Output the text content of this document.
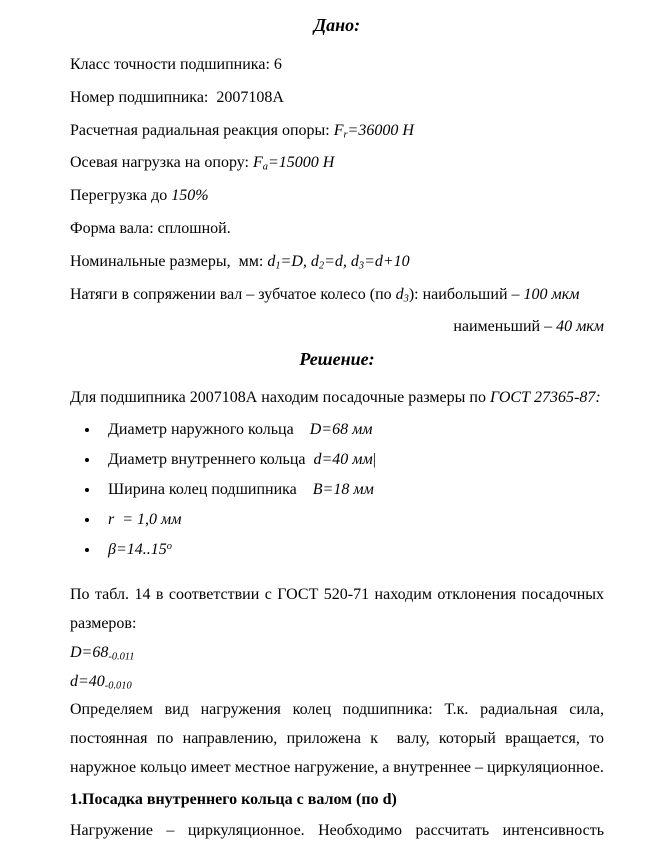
Дано:

Класс точности подшипника: 6

Номер подшипника:  2007108А

Расчетная радиальная реакция опоры: $F_r=36000$ Н

Осевая нагрузка на опору: $F_a=15000$ Н

Перегрузка до 150%

Форма вала: сплошной.

Номинальные размеры,  мм: $d_1=D$, $d_2=d$, $d_3=d+10$

Натяги в сопряжении вал – зубчатое колесо (по $d_3$): наибольший – 100 мкм

наименьший – 40 мкм

Решение:

Для подшипника 2007108А находим посадочные размеры по ГОСТ 27365-87:

• Диаметр наружного кольца    D=68 мм
• Диаметр внутреннего кольца  d=40 мм|
• Ширина колец подшипника    B=18 мм
• r  = 1,0 мм
• $\beta=14..15^о$

По табл. 14 в соответствии с ГОСТ 520-71 находим отклонения посадочных размеров:

$D=68_{-0.011}$

$d=40_{-0.010}$

Определяем вид нагружения колец подшипника: Т.к. радиальная сила, постоянная по направлению, приложена к  валу, который вращается, то наружное кольцо имеет местное нагружение, а внутреннее – циркуляционное.

1.Посадка внутреннего кольца с валом (по d)

Нагружение – циркуляционное. Необходимо рассчитать интенсивность
